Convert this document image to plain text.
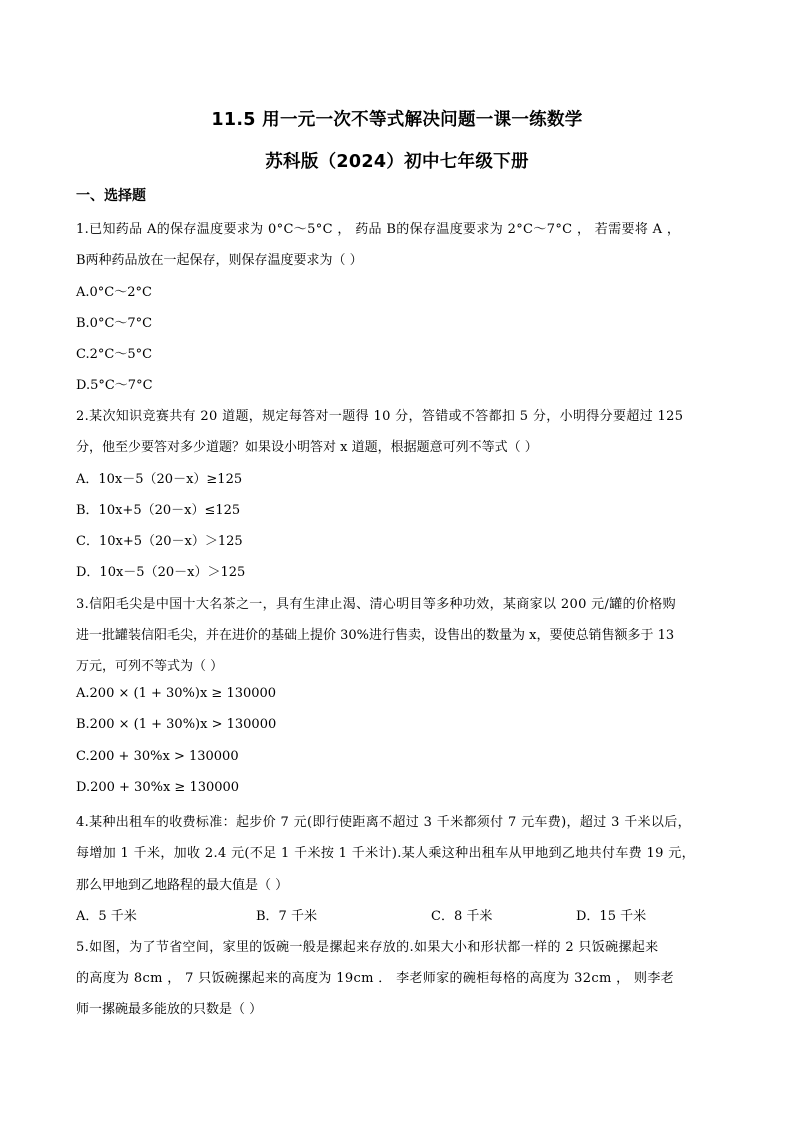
11.5 用一元一次不等式解决问题一课一练数学
苏科版（2024）初中七年级下册
一、选择题
1.已知药品 A的保存温度要求为 0°C～5°C ， 药品 B的保存温度要求为 2°C～7°C ， 若需要将 A ，
B两种药品放在一起保存，则保存温度要求为（ ）
A.0°C～2°C
B.0°C～7°C
C.2°C～5°C
D.5°C～7°C
2.某次知识竞赛共有 20 道题，规定每答对一题得 10 分，答错或不答都扣 5 分，小明得分要超过 125
分，他至少要答对多少道题？如果设小明答对 x 道题，根据题意可列不等式（ ）
A．10x－5（20－x）≥125
B．10x+5（20－x）≤125
C．10x+5（20－x）＞125
D．10x－5（20－x）＞125
3.信阳毛尖是中国十大名茶之一，具有生津止渴、清心明目等多种功效，某商家以 200 元/罐的价格购
进一批罐装信阳毛尖，并在进价的基础上提价 30%进行售卖，设售出的数量为 x，要使总销售额多于 13
万元，可列不等式为（ ）
A.200 × (1 + 30%)x ≥ 130000
B.200 × (1 + 30%)x > 130000
C.200 + 30%x > 130000
D.200 + 30%x ≥ 130000
4.某种出租车的收费标准：起步价 7 元(即行使距离不超过 3 千米都须付 7 元车费)，超过 3 千米以后，
每增加 1 千米，加收 2.4 元(不足 1 千米按 1 千米计).某人乘这种出租车从甲地到乙地共付车费 19 元，
那么甲地到乙地路程的最大值是（ ）
A．5 千米	B．7 千米	C．8 千米	D．15 千米
5.如图，为了节省空间，家里的饭碗一般是摞起来存放的.如果大小和形状都一样的 2 只饭碗摞起来
的高度为 8cm ， 7 只饭碗摞起来的高度为 19cm ． 李老师家的碗柜每格的高度为 32cm ， 则李老
师一摞碗最多能放的只数是（ ）
